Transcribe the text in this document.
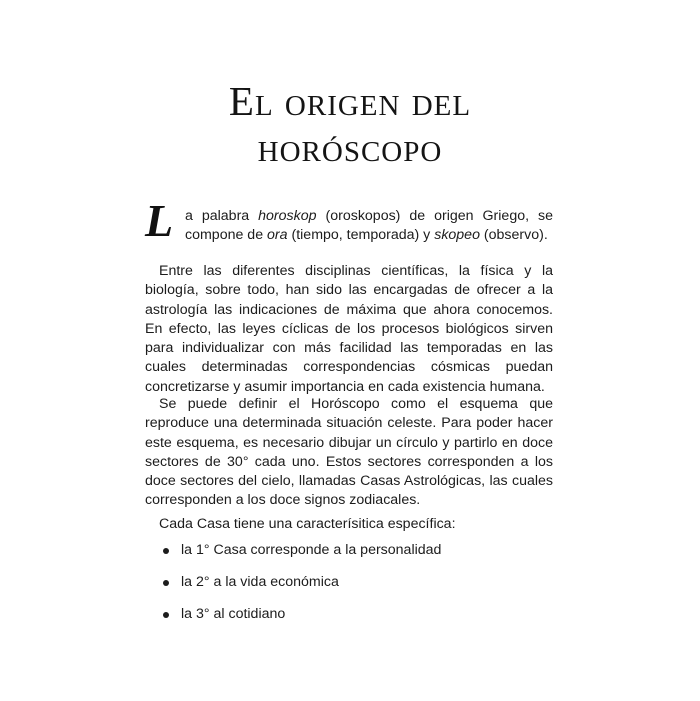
El origen del
horóscopo
L a palabra horoskop (oroskopos) de origen Griego, se compone de ora (tiempo, temporada) y skopeo (observo).

Entre las diferentes disciplinas científicas, la física y la biología, sobre todo, han sido las encargadas de ofrecer a la astrología las indicaciones de máxima que ahora conocemos. En efecto, las leyes cíclicas de los procesos biológicos sirven para individualizar con más facilidad las temporadas en las cuales determinadas correspondencias cósmicas puedan concretizarse y asumir importancia en cada existencia humana.

Se puede definir el Horóscopo como el esquema que reproduce una determinada situación celeste. Para poder hacer este esquema, es necesario dibujar un círculo y partirlo en doce sectores de 30° cada uno. Estos sectores corresponden a los doce sectores del cielo, llamadas Casas Astrológicas, las cuales corresponden a los doce signos zodiacales.

Cada Casa tiene una caracterísitica específica:

la 1° Casa corresponde a la personalidad
la 2° a la vida económica
la 3° al cotidiano
